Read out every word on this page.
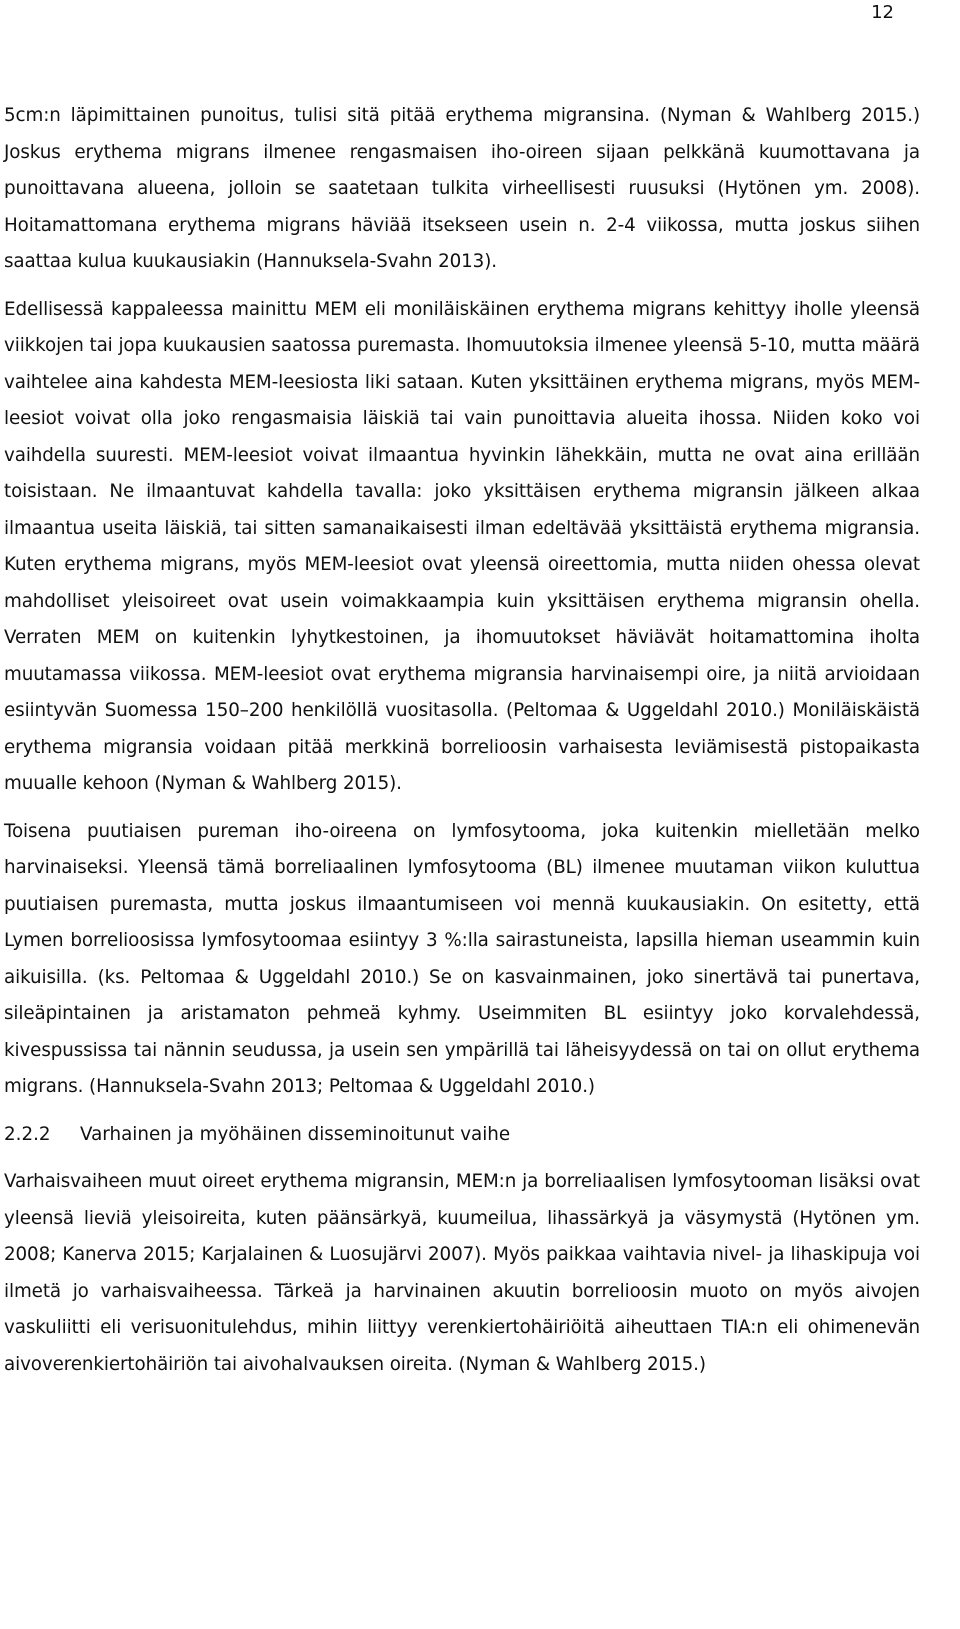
12

5cm:n läpimittainen punoitus, tulisi sitä pitää erythema migransina. (Nyman & Wahlberg 2015.) Joskus erythema migrans ilmenee rengasmaisen iho-oireen sijaan pelkkänä kuumottavana ja punoittavana alueena, jolloin se saatetaan tulkita virheellisesti ruusuksi (Hytönen ym. 2008). Hoitamattomana erythema migrans häviää itsekseen usein n. 2-4 viikossa, mutta joskus siihen saattaa kulua kuukausiakin (Hannuksela-Svahn 2013).

Edellisessä kappaleessa mainittu MEM eli moniläiskäinen erythema migrans kehittyy iholle yleensä viikkojen tai jopa kuukausien saatossa puremasta. Ihomuutoksia ilmenee yleensä 5-10, mutta määrä vaihtelee aina kahdesta MEM-leesiosta liki sataan. Kuten yksittäinen erythema migrans, myös MEM-leesiot voivat olla joko rengasmaisia läiskiä tai vain punoittavia alueita ihossa. Niiden koko voi vaihdella suuresti. MEM-leesiot voivat ilmaantua hyvinkin lähekkäin, mutta ne ovat aina erillään toisistaan. Ne ilmaantuvat kahdella tavalla: joko yksittäisen erythema migransin jälkeen alkaa ilmaantua useita läiskiä, tai sitten samanaikaisesti ilman edeltävää yksittäistä erythema migransia. Kuten erythema migrans, myös MEM-leesiot ovat yleensä oireettomia, mutta niiden ohessa olevat mahdolliset yleisoireet ovat usein voimakkaampia kuin yksittäisen erythema migransin ohella. Verraten MEM on kuitenkin lyhytkestoinen, ja ihomuutokset häviävät hoitamattomina iholta muutamassa viikossa. MEM-leesiot ovat erythema migransia harvinaisempi oire, ja niitä arvioidaan esiintyvän Suomessa 150–200 henkilöllä vuositasolla. (Peltomaa & Uggeldahl 2010.) Moniläiskäistä erythema migransia voidaan pitää merkkinä borrelioosin varhaisesta leviämisestä pistopaikasta muualle kehoon (Nyman & Wahlberg 2015).

Toisena puutiaisen pureman iho-oireena on lymfosytooma, joka kuitenkin mielletään melko harvinaiseksi. Yleensä tämä borreliaalinen lymfosytooma (BL) ilmenee muutaman viikon kuluttua puutiaisen puremasta, mutta joskus ilmaantumiseen voi mennä kuukausiakin. On esitetty, että Lymen borrelioosissa lymfosytoomaa esiintyy 3 %:lla sairastuneista, lapsilla hieman useammin kuin aikuisilla. (ks. Peltomaa & Uggeldahl 2010.) Se on kasvainmainen, joko sinertävä tai punertava, sileäpintainen ja aristamaton pehmeä kyhmy. Useimmiten BL esiintyy joko korvalehdessä, kivespussissa tai nännin seudussa, ja usein sen ympärillä tai läheisyydessä on tai on ollut erythema migrans. (Hannuksela-Svahn 2013; Peltomaa & Uggeldahl 2010.)

2.2.2	Varhainen ja myöhäinen disseminoitunut vaihe

Varhaisvaiheen muut oireet erythema migransin, MEM:n ja borreliaalisen lymfosytooman lisäksi ovat yleensä lieviä yleisoireita, kuten päänsärkyä, kuumeilua, lihassärkyä ja väsymystä (Hytönen ym. 2008; Kanerva 2015; Karjalainen & Luosujärvi 2007). Myös paikkaa vaihtavia nivel- ja lihaskipuja voi ilmetä jo varhaisvaiheessa. Tärkeä ja harvinainen akuutin borrelioosin muoto on myös aivojen vaskuliitti eli verisuonitulehdus, mihin liittyy verenkiertohäiriöitä aiheuttaen TIA:n eli ohimenevän aivoverenkiertohäiriön tai aivohalvauksen oireita. (Nyman & Wahlberg 2015.)
